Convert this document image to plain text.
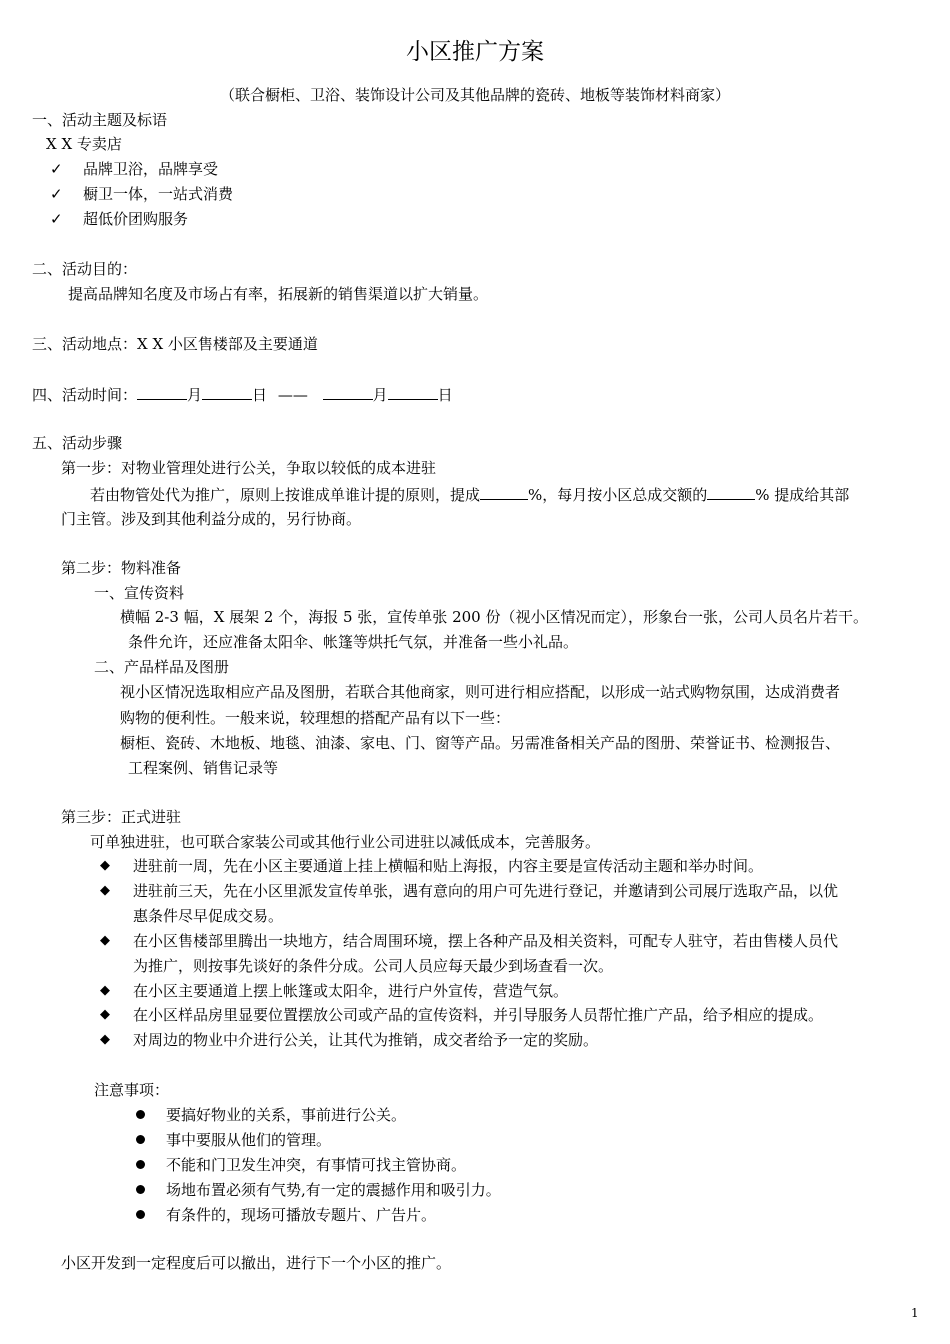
小区推广方案
（联合橱柜、卫浴、装饰设计公司及其他品牌的瓷砖、地板等装饰材料商家）
一、活动主题及标语
X X 专卖店
✓ 品牌卫浴，品牌享受
✓ 橱卫一体，一站式消费
✓ 超低价团购服务
二、活动目的：
提高品牌知名度及市场占有率，拓展新的销售渠道以扩大销量。
三、活动地点：X X 小区售楼部及主要通道
四、活动时间：	月	日 ——	月	日
五、活动步骤
第一步：对物业管理处进行公关，争取以较低的成本进驻
若由物管处代为推广，原则上按谁成单谁计提的原则，提成	%，每月按小区总成交额的	% 提成给其部
门主管。涉及到其他利益分成的，另行协商。
第二步：物料准备
一、宣传资料
横幅 2-3 幅，X 展架 2 个，海报 5 张，宣传单张 200 份（视小区情况而定），形象台一张，公司人员名片若干。
条件允许，还应准备太阳伞、帐篷等烘托气氛，并准备一些小礼品。
二、产品样品及图册
视小区情况选取相应产品及图册，若联合其他商家，则可进行相应搭配，以形成一站式购物氛围，达成消费者
购物的便利性。一般来说，较理想的搭配产品有以下一些：
橱柜、瓷砖、木地板、地毯、油漆、家电、门、窗等产品。另需准备相关产品的图册、荣誉证书、检测报告、
工程案例、销售记录等
第三步：正式进驻
可单独进驻，也可联合家装公司或其他行业公司进驻以减低成本，完善服务。
◆ 进驻前一周，先在小区主要通道上挂上横幅和贴上海报，内容主要是宣传活动主题和举办时间。
◆ 进驻前三天，先在小区里派发宣传单张，遇有意向的用户可先进行登记，并邀请到公司展厅选取产品，以优
惠条件尽早促成交易。
◆ 在小区售楼部里腾出一块地方，结合周围环境，摆上各种产品及相关资料，可配专人驻守，若由售楼人员代
为推广，则按事先谈好的条件分成。公司人员应每天最少到场查看一次。
◆ 在小区主要通道上摆上帐篷或太阳伞，进行户外宣传，营造气氛。
◆ 在小区样品房里显要位置摆放公司或产品的宣传资料，并引导服务人员帮忙推广产品，给予相应的提成。
◆ 对周边的物业中介进行公关，让其代为推销，成交者给予一定的奖励。
注意事项：
要搞好物业的关系，事前进行公关。
事中要服从他们的管理。
不能和门卫发生冲突，有事情可找主管协商。
场地布置必须有气势,有一定的震撼作用和吸引力。
有条件的，现场可播放专题片、广告片。
小区开发到一定程度后可以撤出，进行下一个小区的推广。
1
